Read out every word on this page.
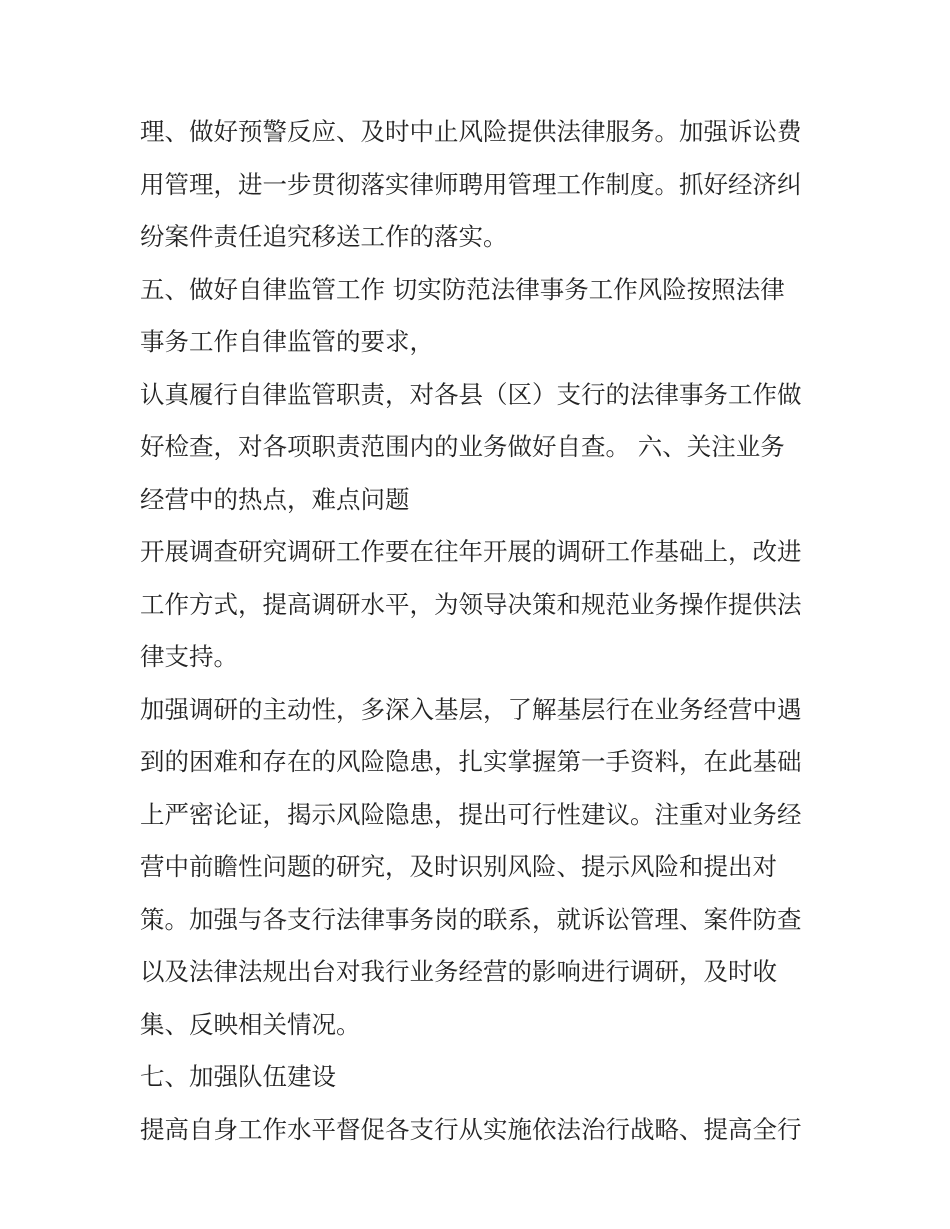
理、做好预警反应、及时中止风险提供法律服务。加强诉讼费
用管理，进一步贯彻落实律师聘用管理工作制度。抓好经济纠
纷案件责任追究移送工作的落实。
五、做好自律监管工作 切实防范法律事务工作风险按照法律
事务工作自律监管的要求，
认真履行自律监管职责，对各县（区）支行的法律事务工作做
好检查，对各项职责范围内的业务做好自查。 六、关注业务
经营中的热点，难点问题
开展调查研究调研工作要在往年开展的调研工作基础上，改进
工作方式，提高调研水平，为领导决策和规范业务操作提供法
律支持。
加强调研的主动性，多深入基层，了解基层行在业务经营中遇
到的困难和存在的风险隐患，扎实掌握第一手资料，在此基础
上严密论证，揭示风险隐患，提出可行性建议。注重对业务经
营中前瞻性问题的研究，及时识别风险、提示风险和提出对
策。加强与各支行法律事务岗的联系，就诉讼管理、案件防查
以及法律法规出台对我行业务经营的影响进行调研，及时收
集、反映相关情况。
七、加强队伍建设
提高自身工作水平督促各支行从实施依法治行战略、提高全行
